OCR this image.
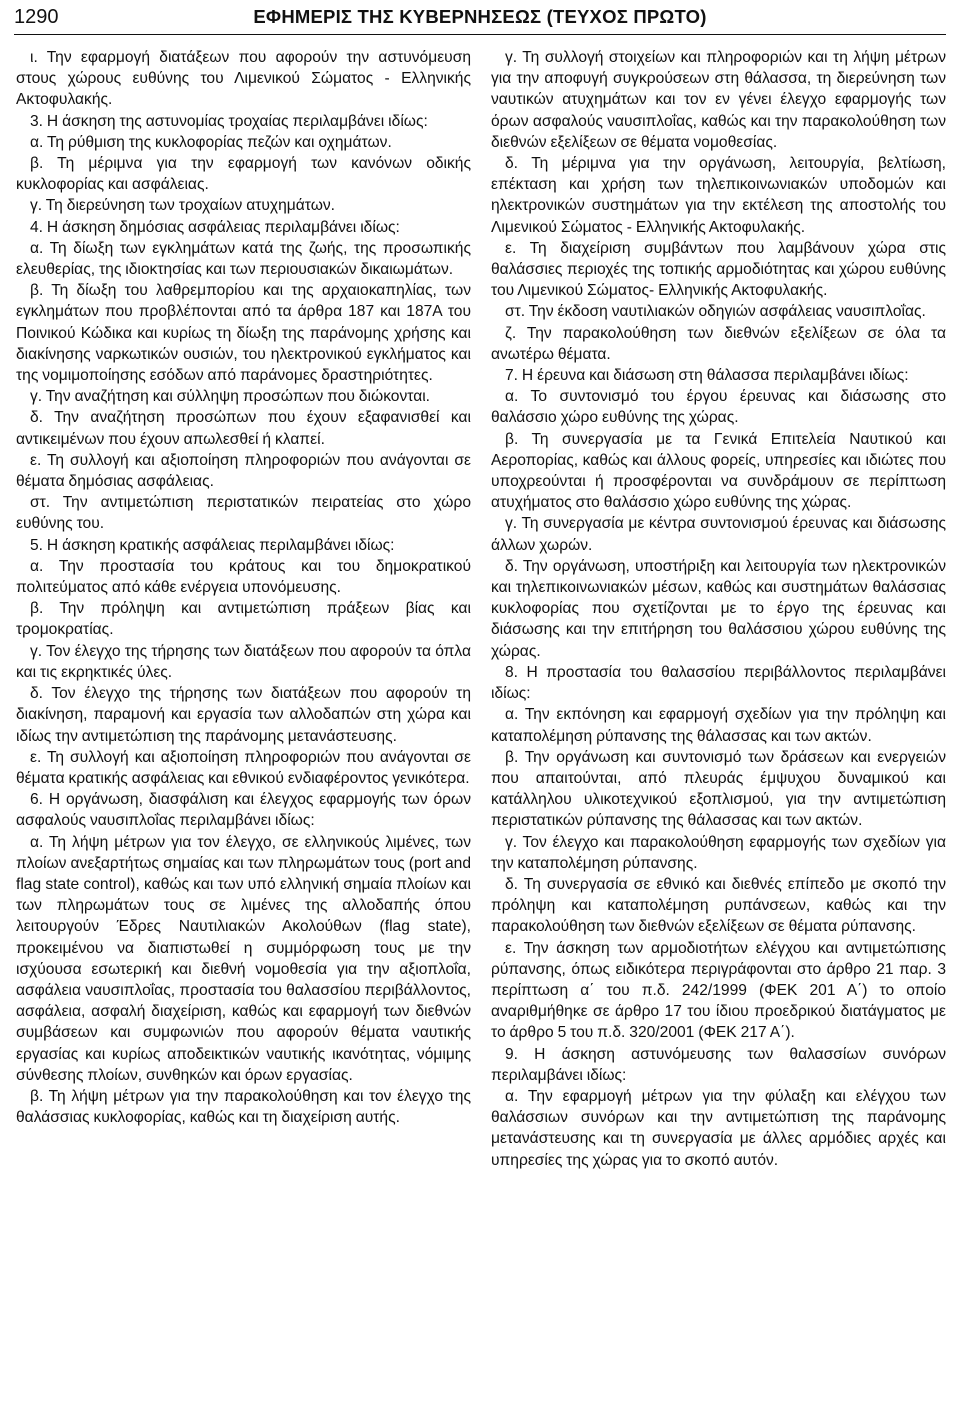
1290	ΕΦΗΜΕΡΙΣ ΤΗΣ ΚΥΒΕΡΝΗΣΕΩΣ (ΤΕΥΧΟΣ ΠΡΩΤΟ)

ι. Την εφαρμογή διατάξεων που αφορούν την αστυνόμευση στους χώρους ευθύνης του Λιμενικού Σώματος - Ελληνικής Ακτοφυλακής.

3. Η άσκηση της αστυνομίας τροχαίας περιλαμβάνει ιδίως:

α. Τη ρύθμιση της κυκλοφορίας πεζών και οχημάτων.

β. Τη μέριμνα για την εφαρμογή των κανόνων οδικής κυκλοφορίας και ασφάλειας.

γ. Τη διερεύνηση των τροχαίων ατυχημάτων.

4. Η άσκηση δημόσιας ασφάλειας περιλαμβάνει ιδίως:

α. Τη δίωξη των εγκλημάτων κατά της ζωής, της προσωπικής ελευθερίας, της ιδιοκτησίας και των περιουσιακών δικαιωμάτων.

β. Τη δίωξη του λαθρεμπορίου και της αρχαιοκαπηλίας, των εγκλημάτων που προβλέπονται από τα άρθρα 187 και 187Α του Ποινικού Κώδικα και κυρίως τη δίωξη της παράνομης χρήσης και διακίνησης ναρκωτικών ουσιών, του ηλεκτρονικού εγκλήματος και της νομιμοποίησης εσόδων από παράνομες δραστηριότητες.

γ. Την αναζήτηση και σύλληψη προσώπων που διώκονται.

δ. Την αναζήτηση προσώπων που έχουν εξαφανισθεί και αντικειμένων που έχουν απωλεσθεί ή κλαπεί.

ε. Τη συλλογή και αξιοποίηση πληροφοριών που ανάγονται σε θέματα δημόσιας ασφάλειας.

στ. Την αντιμετώπιση περιστατικών πειρατείας στο χώρο ευθύνης του.

5. Η άσκηση κρατικής ασφάλειας περιλαμβάνει ιδίως:

α. Την προστασία του κράτους και του δημοκρατικού πολιτεύματος από κάθε ενέργεια υπονόμευσης.

β. Την πρόληψη και αντιμετώπιση πράξεων βίας και τρομοκρατίας.

γ. Τον έλεγχο της τήρησης των διατάξεων που αφορούν τα όπλα και τις εκρηκτικές ύλες.

δ. Τον έλεγχο της τήρησης των διατάξεων που αφορούν τη διακίνηση, παραμονή και εργασία των αλλοδαπών στη χώρα και ιδίως την αντιμετώπιση της παράνομης μετανάστευσης.

ε. Τη συλλογή και αξιοποίηση πληροφοριών που ανάγονται σε θέματα κρατικής ασφάλειας και εθνικού ενδιαφέροντος γενικότερα.

6. Η οργάνωση, διασφάλιση και έλεγχος εφαρμογής των όρων ασφαλούς ναυσιπλοΐας περιλαμβάνει ιδίως:

α. Τη λήψη μέτρων για τον έλεγχο, σε ελληνικούς λιμένες, των πλοίων ανεξαρτήτως σημαίας και των πληρωμάτων τους (port and flag state control), καθώς και των υπό ελληνική σημαία πλοίων και των πληρωμάτων τους σε λιμένες της αλλοδαπής όπου λειτουργούν Έδρες Ναυτιλιακών Ακολούθων (flag state), προκειμένου να διαπιστωθεί η συμμόρφωση τους με την ισχύουσα εσωτερική και διεθνή νομοθεσία για την αξιοπλοΐα, ασφάλεια ναυσιπλοΐας, προστασία του θαλασσίου περιβάλλοντος, ασφάλεια, ασφαλή διαχείριση, καθώς και εφαρμογή των διεθνών συμβάσεων και συμφωνιών που αφορούν θέματα ναυτικής εργασίας και κυρίως αποδεικτικών ναυτικής ικανότητας, νόμιμης σύνθεσης πλοίων, συνθηκών και όρων εργασίας.

β. Τη λήψη μέτρων για την παρακολούθηση και τον έλεγχο της θαλάσσιας κυκλοφορίας, καθώς και τη διαχείριση αυτής.

γ. Τη συλλογή στοιχείων και πληροφοριών και τη λήψη μέτρων για την αποφυγή συγκρούσεων στη θάλασσα, τη διερεύνηση των ναυτικών ατυχημάτων και τον εν γένει έλεγχο εφαρμογής των όρων ασφαλούς ναυσιπλοΐας, καθώς και την παρακολούθηση των διεθνών εξελίξεων σε θέματα νομοθεσίας.

δ. Τη μέριμνα για την οργάνωση, λειτουργία, βελτίωση, επέκταση και χρήση των τηλεπικοινωνιακών υποδομών και ηλεκτρονικών συστημάτων για την εκτέλεση της αποστολής του Λιμενικού Σώματος - Ελληνικής Ακτοφυλακής.

ε. Τη διαχείριση συμβάντων που λαμβάνουν χώρα στις θαλάσσιες περιοχές της τοπικής αρμοδιότητας και χώρου ευθύνης του Λιμενικού Σώματος- Ελληνικής Ακτοφυλακής.

στ. Την έκδοση ναυτιλιακών οδηγιών ασφάλειας ναυσιπλοΐας.

ζ. Την παρακολούθηση των διεθνών εξελίξεων σε όλα τα ανωτέρω θέματα.

7. Η έρευνα και διάσωση στη θάλασσα περιλαμβάνει ιδίως:

α. Το συντονισμό του έργου έρευνας και διάσωσης στο θαλάσσιο χώρο ευθύνης της χώρας.

β. Τη συνεργασία με τα Γενικά Επιτελεία Ναυτικού και Αεροπορίας, καθώς και άλλους φορείς, υπηρεσίες και ιδιώτες που υποχρεούνται ή προσφέρονται να συνδράμουν σε περίπτωση ατυχήματος στο θαλάσσιο χώρο ευθύνης της χώρας.

γ. Τη συνεργασία με κέντρα συντονισμού έρευνας και διάσωσης άλλων χωρών.

δ. Την οργάνωση, υποστήριξη και λειτουργία των ηλεκτρονικών και τηλεπικοινωνιακών μέσων, καθώς και συστημάτων θαλάσσιας κυκλοφορίας που σχετίζονται με το έργο της έρευνας και διάσωσης και την επιτήρηση του θαλάσσιου χώρου ευθύνης της χώρας.

8. Η προστασία του θαλασσίου περιβάλλοντος περιλαμβάνει ιδίως:

α. Την εκπόνηση και εφαρμογή σχεδίων για την πρόληψη και καταπολέμηση ρύπανσης της θάλασσας και των ακτών.

β. Την οργάνωση και συντονισμό των δράσεων και ενεργειών που απαιτούνται, από πλευράς έμψυχου δυναμικού και κατάλληλου υλικοτεχνικού εξοπλισμού, για την αντιμετώπιση περιστατικών ρύπανσης της θάλασσας και των ακτών.

γ. Τον έλεγχο και παρακολούθηση εφαρμογής των σχεδίων για την καταπολέμηση ρύπανσης.

δ. Τη συνεργασία σε εθνικό και διεθνές επίπεδο με σκοπό την πρόληψη και καταπολέμηση ρυπάνσεων, καθώς και την παρακολούθηση των διεθνών εξελίξεων σε θέματα ρύπανσης.

ε. Την άσκηση των αρμοδιοτήτων ελέγχου και αντιμετώπισης ρύπανσης, όπως ειδικότερα περιγράφονται στο άρθρο 21 παρ. 3 περίπτωση α΄ του π.δ. 242/1999 (ΦΕΚ 201 Α΄) το οποίο αναριθμήθηκε σε άρθρο 17 του ίδιου προεδρικού διατάγματος με το άρθρο 5 του π.δ. 320/2001 (ΦΕΚ 217 Α΄).

9. Η άσκηση αστυνόμευσης των θαλασσίων συνόρων περιλαμβάνει ιδίως:

α. Την εφαρμογή μέτρων για την φύλαξη και ελέγχου των θαλάσσιων συνόρων και την αντιμετώπιση της παράνομης μετανάστευσης και τη συνεργασία με άλλες αρμόδιες αρχές και υπηρεσίες της χώρας για το σκοπό αυτόν.
